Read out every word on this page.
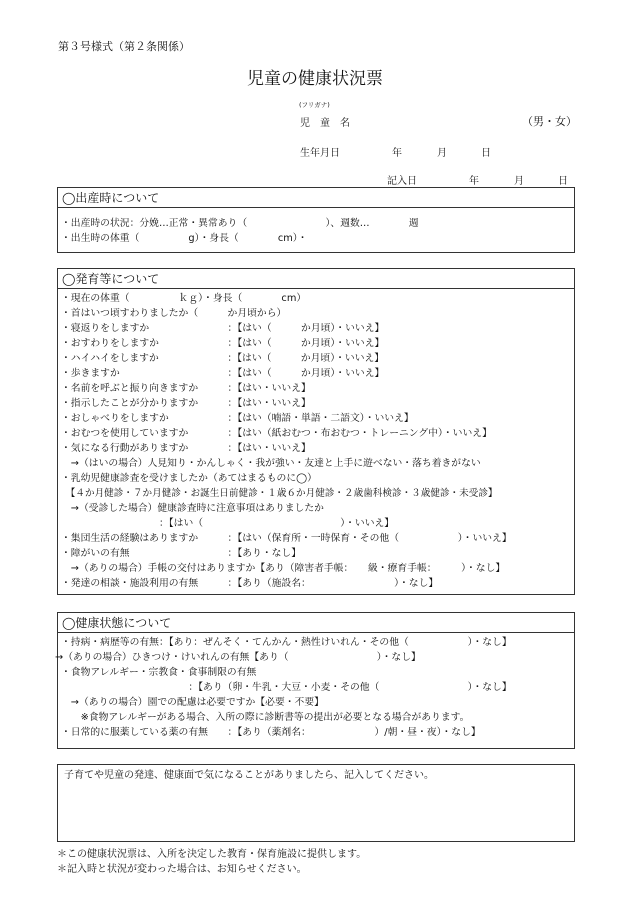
第３号様式（第２条関係）
児童の健康状況票
(フリガナ)
児　童　名	（男・女）
生年月日	年	月	日
記入日	年	月	日
◯出産時について
・出産時の状況：分娩…正常・異常あり（　　　　　　　　）、週数…　　　　週
・出生時の体重（　　　　　g）・身長（　　　　cm）・
◯発育等について
・現在の体重（　　　　　ｋｇ）・身長（　　　　cm）
・首はいつ頃すわりましたか（　　　か月頃から）
・寝返りをしますか　　　　　　　　：【はい（　　　か月頃）・いいえ】
・おすわりをしますか　　　　　　　：【はい（　　　か月頃）・いいえ】
・ハイハイをしますか　　　　　　　：【はい（　　　か月頃）・いいえ】
・歩きますか　　　　　　　　　　　：【はい（　　　か月頃）・いいえ】
・名前を呼ぶと振り向きますか　　　：【はい・いいえ】
・指示したことが分かりますか　　　：【はい・いいえ】
・おしゃべりをしますか　　　　　　：【はい（喃語・単語・二語文）・いいえ】
・おむつを使用していますか　　　　：【はい（紙おむつ・布おむつ・トレーニング中）・いいえ】
・気になる行動がありますか　　　　：【はい・いいえ】
　→（はいの場合）人見知り・かんしゃく・我が強い・友達と上手に遊べない・落ち着きがない
・乳幼児健康診査を受けましたか（あてはまるものに◯）
　【４か月健診・７か月健診・お誕生日前健診・１歳６か月健診・２歳歯科検診・３歳健診・未受診】
　→（受診した場合）健康診査時に注意事項はありましたか
　　　　　　　　　　：【はい（　　　　　　　　　　　　　　）・いいえ】
・集団生活の経験はありますか　　　：【はい（保育所・一時保育・その他（　　　　　　）・いいえ】
・障がいの有無　　　　　　　　　　：【あり・なし】
　→（ありの場合）手帳の交付はありますか【あり（障害者手帳：　　級・療育手帳：　　　）・なし】
・発達の相談・施設利用の有無　　　：【あり（施設名：　　　　　　　　　）・なし】
◯健康状態について
・持病・病歴等の有無：【あり：ぜんそく・てんかん・熱性けいれん・その他（　　　　　　）・なし】
→（ありの場合）ひきつけ・けいれんの有無【あり（　　　　　　　　　）・なし】
・食物アレルギー・宗教食・食事制限の有無
　　　　　　　　　　　　　：【あり（卵・牛乳・大豆・小麦・その他（　　　　　　　　　）・なし】
　→（ありの場合）園での配慮は必要ですか【必要・不要】
　　※食物アレルギーがある場合、入所の際に診断書等の提出が必要となる場合があります。
・日常的に服薬している薬の有無　　：【あり（薬剤名：　　　　　　　）/朝・昼・夜）・なし】
子育てや児童の発達、健康面で気になることがありましたら、記入してください。
＊この健康状況票は、入所を決定した教育・保育施設に提供します。
＊記入時と状況が変わった場合は、お知らせください。
